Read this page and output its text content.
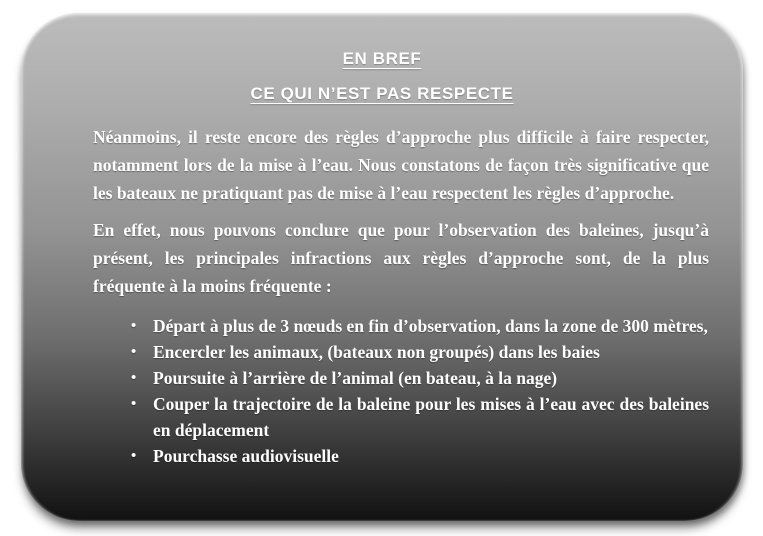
EN BREF
CE QUI N’EST PAS RESPECTE

Néanmoins, il reste encore des règles d’approche plus difficile à faire respecter, notamment lors de la mise à l’eau. Nous constatons de façon très significative que les bateaux ne pratiquant pas de mise à l’eau respectent les règles d’approche.

En effet, nous pouvons conclure que pour l’observation des baleines, jusqu’à présent, les principales infractions aux règles d’approche sont, de la plus fréquente à la moins fréquente :

• Départ à plus de 3 nœuds en fin d’observation, dans la zone de 300 mètres,
• Encercler les animaux, (bateaux non groupés) dans les baies
• Poursuite à l’arrière de l’animal (en bateau, à la nage)
• Couper la trajectoire de la baleine pour les mises à l’eau avec des baleines en déplacement
• Pourchasse audiovisuelle
